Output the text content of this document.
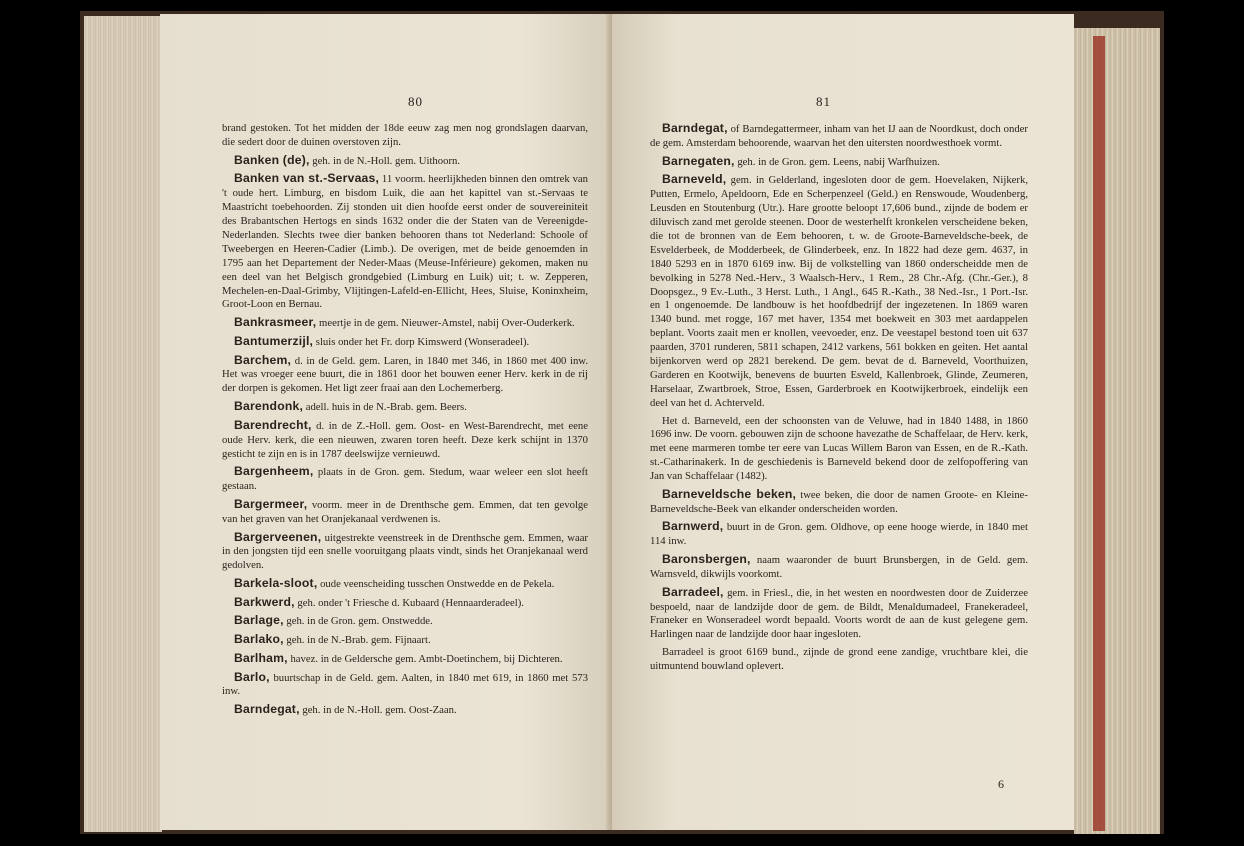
80

brand gestoken. Tot het midden der 18de eeuw zag men nog grondslagen daarvan, die sedert door de duinen overstoven zijn.

Banken (de), geh. in de N.-Holl. gem. Uithoorn.

Banken van st.-Servaas, 11 voorm. heerlijkheden binnen den omtrek van 't oude hert. Limburg, en bisdom Luik, die aan het kapittel van st.-Servaas te Maastricht toebehoorden. Zij stonden uit dien hoofde eerst onder de souvereiniteit des Brabantschen Hertogs en sinds 1632 onder die der Staten van de Vereenigde-Nederlanden. Slechts twee dier banken behooren thans tot Nederland: Schoole of Tweebergen en Heeren-Cadier (Limb.). De overigen, met de beide genoemden in 1795 aan het Departement der Neder-Maas (Meuse-Inférieure) gekomen, maken nu een deel van het Belgisch grondgebied (Limburg en Luik) uit; t. w. Zepperen, Mechelen-en-Daal-Grimby, Vlijtingen-Lafeld-en-Ellicht, Hees, Sluise, Koninxheim, Groot-Loon en Bernau.

Bankrasmeer, meertje in de gem. Nieuwer-Amstel, nabij Over-Ouderkerk.

Bantumerzijl, sluis onder het Fr. dorp Kimswerd (Wonseradeel).

Barchem, d. in de Geld. gem. Laren, in 1840 met 346, in 1860 met 400 inw. Het was vroeger eene buurt, die in 1861 door het bouwen eener Herv. kerk in de rij der dorpen is gekomen. Het ligt zeer fraai aan den Lochemerberg.

Barendonk, adell. huis in de N.-Brab. gem. Beers.

Barendrecht, d. in de Z.-Holl. gem. Oost- en West-Barendrecht, met eene oude Herv. kerk, die een nieuwen, zwaren toren heeft. Deze kerk schijnt in 1370 gesticht te zijn en is in 1787 deelswijze vernieuwd.

Bargenheem, plaats in de Gron. gem. Stedum, waar weleer een slot heeft gestaan.

Bargermeer, voorm. meer in de Drenthsche gem. Emmen, dat ten gevolge van het graven van het Oranjekanaal verdwenen is.

Bargerveenen, uitgestrekte veenstreek in de Drenthsche gem. Emmen, waar in den jongsten tijd een snelle vooruitgang plaats vindt, sinds het Oranjekanaal werd gedolven.

Barkela-sloot, oude veenscheiding tusschen Onstwedde en de Pekela.

Barkwerd, geh. onder 't Friesche d. Kubaard (Hennaarderadeel).

Barlage, geh. in de Gron. gem. Onstwedde.

Barlako, geh. in de N.-Brab. gem. Fijnaart.

Barlham, havez. in de Geldersche gem. Ambt-Doetinchem, bij Dichteren.

Barlo, buurtschap in de Geld. gem. Aalten, in 1840 met 619, in 1860 met 573 inw.

Barndegat, geh. in de N.-Holl. gem. Oost-Zaan.

81

Barndegat, of Barndegattermeer, inham van het IJ aan de Noordkust, doch onder de gem. Amsterdam behoorende, waarvan het den uitersten noordwesthoek vormt.

Barnegaten, geh. in de Gron. gem. Leens, nabij Warfhuizen.

Barneveld, gem. in Gelderland, ingesloten door de gem. Hoevelaken, Nijkerk, Putten, Ermelo, Apeldoorn, Ede en Scherpenzeel (Geld.) en Renswoude, Woudenberg, Leusden en Stoutenburg (Utr.). Hare grootte beloopt 17,606 bund., zijnde de bodem er diluvisch zand met gerolde steenen. Door de westerhelft kronkelen verscheidene beken, die tot de bronnen van de Eem behooren, t. w. de Groote-Barneveldsche-beek, de Esvelderbeek, de Modderbeek, de Glinderbeek, enz. In 1822 had deze gem. 4637, in 1840 5293 en in 1870 6169 inw. Bij de volkstelling van 1860 onderscheidde men de bevolking in 5278 Ned.-Herv., 3 Waalsch-Herv., 1 Rem., 28 Chr.-Afg. (Chr.-Ger.), 8 Doopsgez., 9 Ev.-Luth., 3 Herst. Luth., 1 Angl., 645 R.-Kath., 38 Ned.-Isr., 1 Port.-Isr. en 1 ongenoemde. De landbouw is het hoofdbedrijf der ingezetenen. In 1869 waren 1340 bund. met rogge, 167 met haver, 1354 met boekweit en 303 met aardappelen beplant. Voorts zaait men er knollen, veevoeder, enz. De veestapel bestond toen uit 637 paarden, 3701 runderen, 5811 schapen, 2412 varkens, 561 bokken en geiten. Het aantal bijenkorven werd op 2821 berekend. De gem. bevat de d. Barneveld, Voorthuizen, Garderen en Kootwijk, benevens de buurten Esveld, Kallenbroek, Glinde, Zeumeren, Harselaar, Zwartbroek, Stroe, Essen, Garderbroek en Kootwijkerbroek, eindelijk een deel van het d. Achterveld.

Het d. Barneveld, een der schoonsten van de Veluwe, had in 1840 1488, in 1860 1696 inw. De voorn. gebouwen zijn de schoone havezathe de Schaffelaar, de Herv. kerk, met eene marmeren tombe ter eere van Lucas Willem Baron van Essen, en de R.-Kath. st.-Catharinakerk. In de geschiedenis is Barneveld bekend door de zelfopoffering van Jan van Schaffelaar (1482).

Barneveldsche beken, twee beken, die door de namen Groote- en Kleine-Barneveldsche-Beek van elkander onderscheiden worden.

Barnwerd, buurt in de Gron. gem. Oldhove, op eene hooge wierde, in 1840 met 114 inw.

Baronsbergen, naam waaronder de buurt Brunsbergen, in de Geld. gem. Warnsveld, dikwijls voorkomt.

Barradeel, gem. in Friesl., die, in het westen en noordwesten door de Zuiderzee bespoeld, naar de landzijde door de gem. de Bildt, Menaldumadeel, Franekeradeel, Franeker en Wonseradeel wordt bepaald. Voorts wordt de aan de kust gelegene gem. Harlingen naar de landzijde door haar ingesloten.

Barradeel is groot 6169 bund., zijnde de grond eene zandige, vruchtbare klei, die uitmuntend bouwland oplevert.

6
